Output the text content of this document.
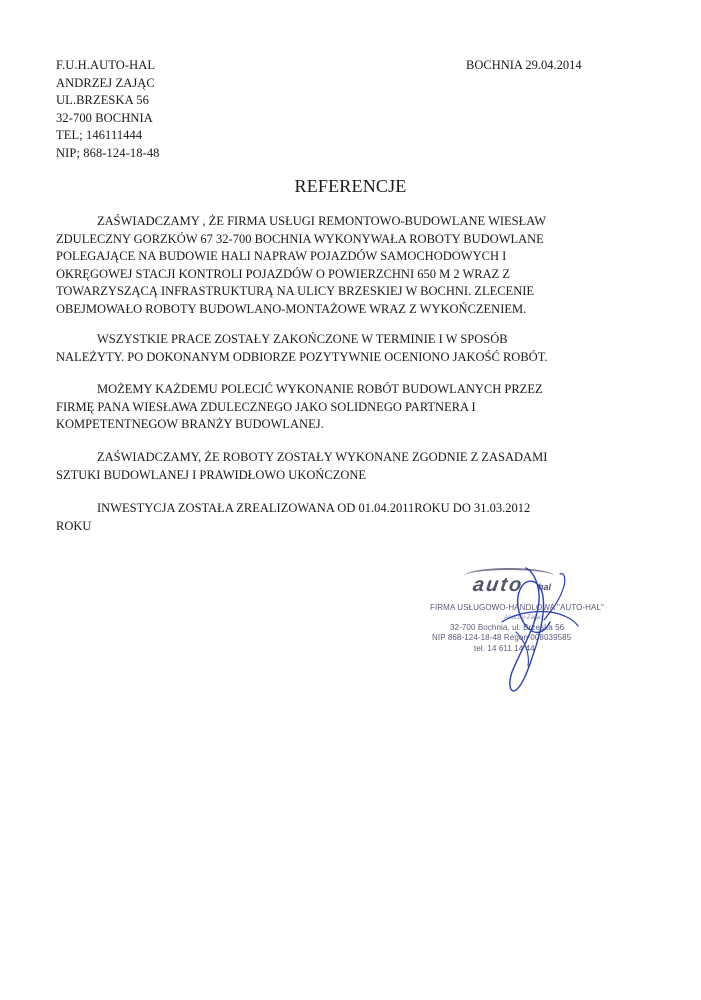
F.U.H.AUTO-HAL
ANDRZEJ ZAJĄC
UL.BRZESKA 56
32-700 BOCHNIA
TEL; 146111444
NIP; 868-124-18-48
BOCHNIA 29.04.2014
REFERENCJE
ZAŚWIADCZAMY , ŻE FIRMA USŁUGI REMONTOWO-BUDOWLANE WIESŁAW
ZDULECZNY GORZKÓW 67 32-700 BOCHNIA WYKONYWAŁA ROBOTY BUDOWLANE
POLEGAJĄCE NA BUDOWIE HALI NAPRAW POJAZDÓW SAMOCHODOWYCH I
OKRĘGOWEJ STACJI KONTROLI POJAZDÓW O POWIERZCHNI 650 M 2 WRAZ Z
TOWARZYSZĄCĄ INFRASTRUKTURĄ NA ULICY BRZESKIEJ W BOCHNI. ZLECENIE
OBEJMOWAŁO ROBOTY BUDOWLANO-MONTAŻOWE WRAZ Z WYKOŃCZENIEM.
WSZYSTKIE PRACE ZOSTAŁY ZAKOŃCZONE W TERMINIE I W SPOSÓB
NALEŻYTY. PO DOKONANYM ODBIORZE POZYTYWNIE OCENIONO JAKOŚĆ ROBÓT.
MOŻEMY KAŻDEMU POLECIĆ WYKONANIE ROBÓT BUDOWLANYCH PRZEZ
FIRMĘ PANA WIESŁAWA ZDULECZNEGO JAKO SOLIDNEGO PARTNERA I
KOMPETENTNEGOW BRANŻY BUDOWLANEJ.
ZAŚWIADCZAMY, ŻE ROBOTY ZOSTAŁY WYKONANE ZGODNIE Z ZASADAMI
SZTUKI BUDOWLANEJ I PRAWIDŁOWO UKOŃCZONE
INWESTYCJA ZOSTAŁA ZREALIZOWANA OD 01.04.2011ROKU DO 31.03.2012
ROKU
auto hal
FIRMA USŁUGOWO-HANDLOWA "AUTO-HAL"
Andrzej Zając
32-700 Bochnia, ul. Brzeska 56
NIP 868-124-18-48 Regon 008039585
tel. 14 611 14 44
